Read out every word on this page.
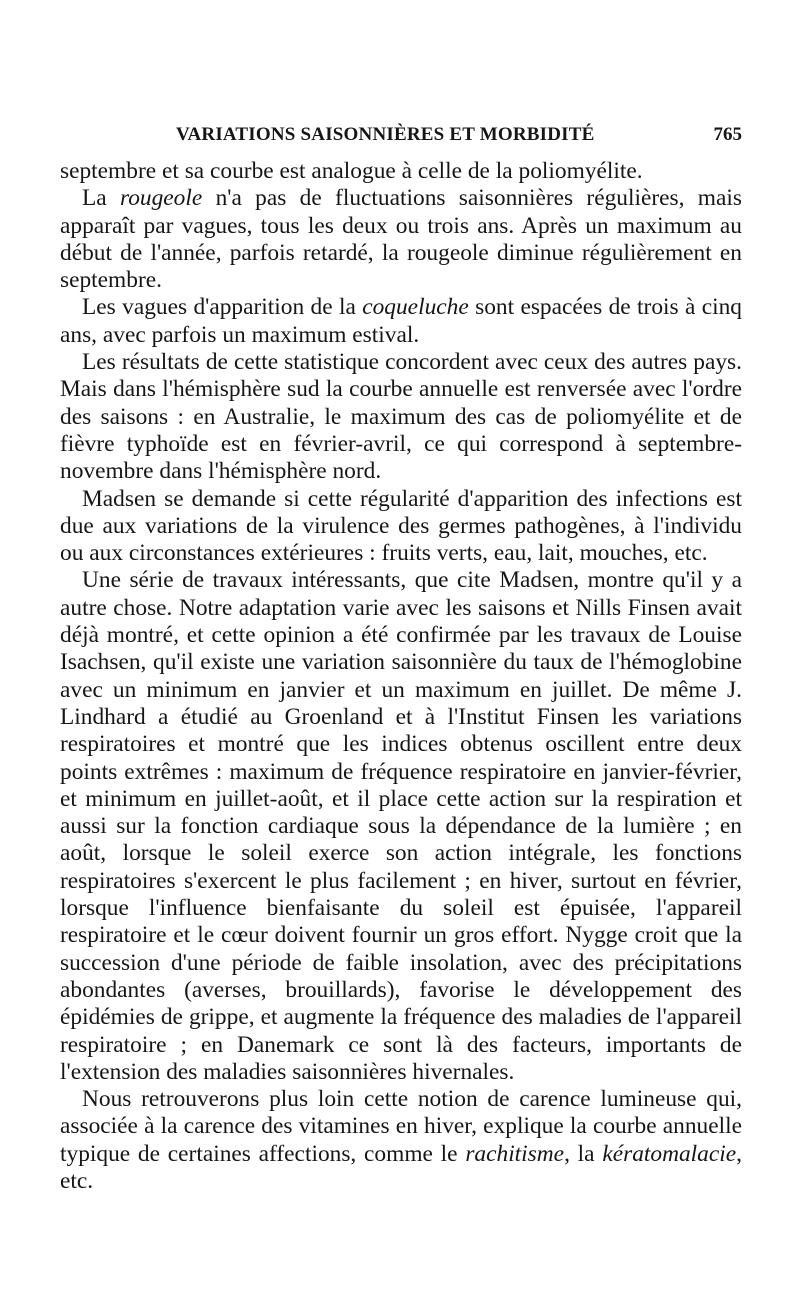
VARIATIONS SAISONNIÈRES ET MORBIDITÉ	765

septembre et sa courbe est analogue à celle de la poliomyélite.

La rougeole n'a pas de fluctuations saisonnières régulières, mais apparaît par vagues, tous les deux ou trois ans. Après un maximum au début de l'année, parfois retardé, la rougeole diminue régulièrement en septembre.

Les vagues d'apparition de la coqueluche sont espacées de trois à cinq ans, avec parfois un maximum estival.

Les résultats de cette statistique concordent avec ceux des autres pays. Mais dans l'hémisphère sud la courbe annuelle est renversée avec l'ordre des saisons : en Australie, le maximum des cas de poliomyélite et de fièvre typhoïde est en février-avril, ce qui correspond à septembre-novembre dans l'hémisphère nord.

Madsen se demande si cette régularité d'apparition des infections est due aux variations de la virulence des germes pathogènes, à l'individu ou aux circonstances extérieures : fruits verts, eau, lait, mouches, etc.

Une série de travaux intéressants, que cite Madsen, montre qu'il y a autre chose. Notre adaptation varie avec les saisons et Nills Finsen avait déjà montré, et cette opinion a été confirmée par les travaux de Louise Isachsen, qu'il existe une variation saisonnière du taux de l'hémoglobine avec un minimum en janvier et un maximum en juillet. De même J. Lindhard a étudié au Groenland et à l'Institut Finsen les variations respiratoires et montré que les indices obtenus oscillent entre deux points extrêmes : maximum de fréquence respiratoire en janvier-février, et minimum en juillet-août, et il place cette action sur la respiration et aussi sur la fonction cardiaque sous la dépendance de la lumière ; en août, lorsque le soleil exerce son action intégrale, les fonctions respiratoires s'exercent le plus facilement ; en hiver, surtout en février, lorsque l'influence bienfaisante du soleil est épuisée, l'appareil respiratoire et le cœur doivent fournir un gros effort. Nygge croit que la succession d'une période de faible insolation, avec des précipitations abondantes (averses, brouillards), favorise le développement des épidémies de grippe, et augmente la fréquence des maladies de l'appareil respiratoire ; en Danemark ce sont là des facteurs, importants de l'extension des maladies saisonnières hivernales.

Nous retrouverons plus loin cette notion de carence lumineuse qui, associée à la carence des vitamines en hiver, explique la courbe annuelle typique de certaines affections, comme le rachitisme, la kératomalacie, etc.
